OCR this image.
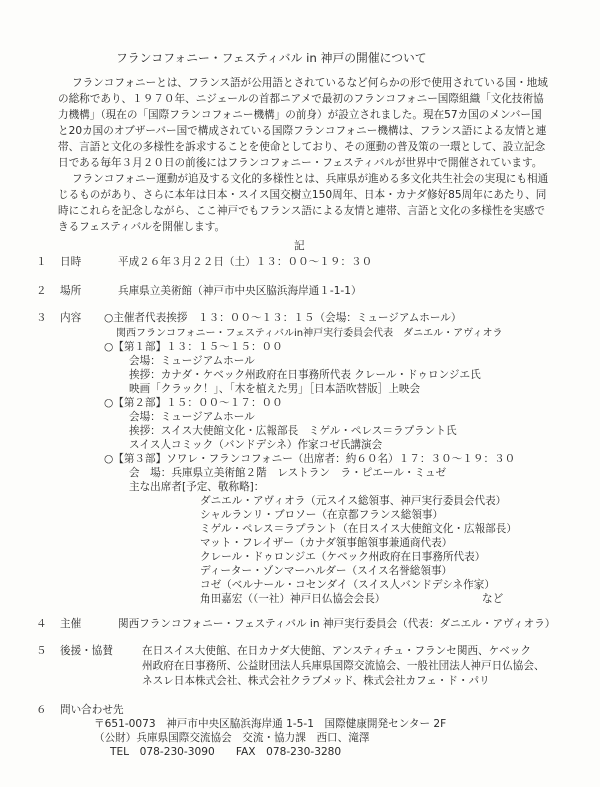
フランコフォニー・フェスティバル in 神戸の開催について
フランコフォニーとは、フランス語が公用語とされているなど何らかの形で使用されている国・地域
の総称であり、１９７０年、ニジェールの首都ニアメで最初のフランコフォニー国際組織「文化技術協
力機構」（現在の「国際フランコフォニー機構」の前身）が設立されました。現在57カ国のメンバー国
と20カ国のオブザーバー国で構成されている国際フランコフォニー機構は、フランス語による友情と連
帯、言語と文化の多様性を訴求することを使命としており、その運動の普及策の一環として、設立記念
日である毎年３月２０日の前後にはフランコフォニー・フェスティバルが世界中で開催されています。
フランコフォニー運動が追及する文化的多様性とは、兵庫県が進める多文化共生社会の実現にも相通
じるものがあり、さらに本年は日本・スイス国交樹立150周年、日本・カナダ修好85周年にあたり、同
時にこれらを記念しながら、ここ神戸でもフランス語による友情と連帯、言語と文化の多様性を実感で
きるフェスティバルを開催します。
記
１ 日時	平成２６年３月２２日（土）１３：００～１９：３０
２ 場所	兵庫県立美術館（神戸市中央区脇浜海岸通１-1-1）
３ 内容 ○主催者代表挨拶　１３：００～１３：１５（会場：ミュージアムホール）
関西フランコフォニー・フェスティバルin神戸実行委員会代表　ダニエル・アヴィオラ
○【第１部】１３：１５～１５：００
会場：ミュージアムホール
挨拶：カナダ・ケベック州政府在日事務所代表 クレール・ドゥロンジエ氏
映画「クラック！」、「木を植えた男」［日本語吹替版］上映会
○【第２部】１５：００～１７：００
会場：ミュージアムホール
挨拶：スイス大使館文化・広報部長　ミゲル・ペレス＝ラプラント氏
スイス人コミック（バンドデシネ）作家コゼ氏講演会
○【第３部】ソワレ・フランコフォニー（出席者：約６０名）１７：３０～１９：３０
会　場：兵庫県立美術館２階　レストラン　ラ・ピエール・ミュゼ
主な出席者[予定、敬称略]：
ダニエル・アヴィオラ（元スイス総領事、神戸実行委員会代表）
シャルランリ・ブロソー（在京都フランス総領事）
ミゲル・ペレス＝ラプラント（在日スイス大使館文化・広報部長）
マット・フレイザー（カナダ領事館領事兼通商代表）
クレール・ドゥロンジエ（ケベック州政府在日事務所代表）
ディーター・ゾンマーハルダー（スイス名誉総領事）
コゼ（ベルナール・コセンダイ（スイス人バンドデシネ作家）
角田嘉宏（（一社）神戸日仏協会会長）	など
４ 主催	関西フランコフォニー・フェスティバル in 神戸実行委員会（代表：ダニエル・アヴィオラ）
５ 後援・協賛	在日スイス大使館、在日カナダ大使館、アンスティチュ・フランセ関西、ケベック
州政府在日事務所、公益財団法人兵庫県国際交流協会、一般社団法人神戸日仏協会、
ネスレ日本株式会社、株式会社クラブメッド、株式会社カフェ・ド・パリ
６ 問い合わせ先
〒651-0073　神戸市中央区脇浜海岸通 1-5-1　国際健康開発センター 2F
（公財）兵庫県国際交流協会　交流・協力課　西口、滝澤
TEL　078-230-3090　　FAX　078-230-3280
